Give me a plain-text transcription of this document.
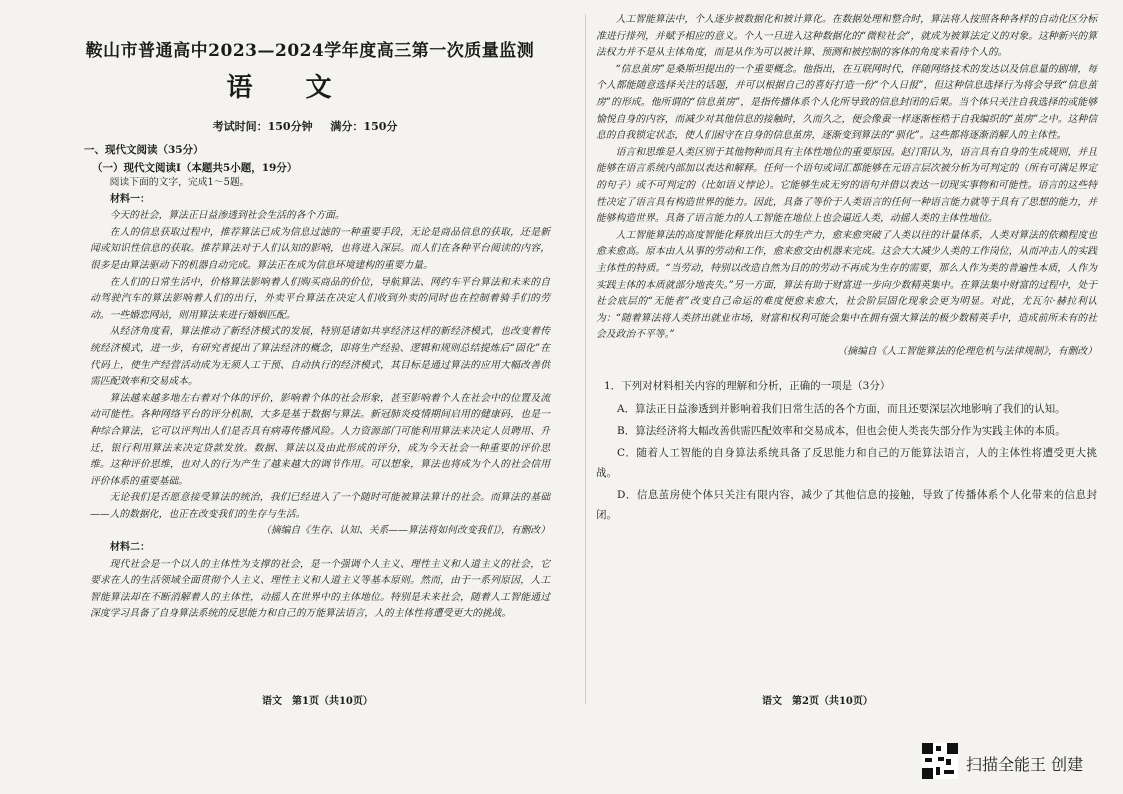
鞍山市普通高中2023—2024学年度高三第一次质量监测
语 文
考试时间：150分钟 满分：150分
一、现代文阅读（35分）
（一）现代文阅读I（本题共5小题，19分）

阅读下面的文字，完成1～5题。

材料一：

今天的社会，算法正日益渗透到社会生活的各个方面。

在人的信息获取过程中，推荐算法已成为信息过滤的一种重要手段，无论是商品信息的获取，还是新闻或知识性信息的获取。推荐算法对于人们认知的影响，也将进入深层。而人们在各种平台阅读的内容，很多是由算法驱动下的机器自动完成。算法正在成为信息环境建构的重要力量。

在人们的日常生活中，价格算法影响着人们购买商品的价位，导航算法、网约车平台算法和未来的自动驾驶汽车的算法影响着人们的出行，外卖平台算法在决定人们收到外卖的同时也在控制着骑手们的劳动。一些婚恋网站，则用算法来进行婚姻匹配。

从经济角度看，算法推动了新经济模式的发展，特别是诸如共享经济这样的新经济模式，也改变着传统经济模式，进一步，有研究者提出了算法经济的概念，即将生产经验、逻辑和规则总结提炼后“固化”在代码上，使生产经营活动成为无须人工干预、自动执行的经济模式，其目标是通过算法的应用大幅改善供需匹配效率和交易成本。

算法越来越多地左右着对个体的评价，影响着个体的社会形象，甚至影响着个人在社会中的位置及流动可能性。各种网络平台的评分机制，大多是基于数据与算法。新冠肺炎疫情期间启用的健康码，也是一种综合算法，它可以评判出人们是否具有病毒传播风险。人力资源部门可能利用算法来决定人员聘用、升迁，银行利用算法来决定贷款发放。数据、算法以及由此形成的评分，成为今天社会一种重要的评价思维。这种评价思维，也对人的行为产生了越来越大的调节作用。可以想象，算法也将成为个人的社会信用评价体系的重要基础。

无论我们是否愿意接受算法的统治，我们已经进入了一个随时可能被算法算计的社会。而算法的基础——人的数据化，也正在改变我们的生存与生活。

（摘编自《生存、认知、关系——算法将如何改变我们》，有删改）

材料二：

现代社会是一个以人的主体性为支撑的社会，是一个强调个人主义、理性主义和人道主义的社会，它要求在人的生活领域全面贯彻个人主义、理性主义和人道主义等基本原则。然而，由于一系列原因，人工智能算法却在不断消解着人的主体性，动摇人在世界中的主体地位。特别是未来社会，随着人工智能通过深度学习具备了自身算法系统的反思能力和自己的万能算法语言，人的主体性将遭受更大的挑战。

语文　第1页（共10页）

人工智能算法中，个人逐步被数据化和被计算化。在数据处理和整合时，算法将人按照各种各样的自动化区分标准进行排列，并赋予相应的意义。个人一旦进入这种数据化的“微粒社会”，就成为被算法定义的对象。这种新兴的算法权力并不是从主体角度，而是从作为可以被计算、预测和被控制的客体的角度来看待个人的。

“信息茧房”是桑斯坦提出的一个重要概念。他指出，在互联网时代，伴随网络技术的发达以及信息量的剧增，每个人都能随意选择关注的话题，并可以根据自己的喜好打造一份“个人日报”，但这种信息选择行为将会导致“信息茧房”的形成。他所谓的“信息茧房”，是指传播体系个人化所导致的信息封闭的后果。当个体只关注自我选择的或能够愉悦自身的内容，而减少对其他信息的接触时，久而久之，便会像蚕一样逐渐桎梏于自我编织的“茧房”之中。这种信息的自我锁定状态，使人们困守在自身的信息茧房，逐渐变到算法的“驯化”。这些都将逐渐消解人的主体性。

语言和思维是人类区别于其他物种而具有主体性地位的重要原因。赵汀阳认为，语言具有自身的生成规则，并且能够在语言系统内部加以表达和解释。任何一个语句或词汇都能够在元语言层次被分析为可判定的（所有可满足界定的句子）或不可判定的（比如语义悖论）。它能够生成无穷的语句并借以表达一切现实事物和可能性。语言的这些特性决定了语言具有构造世界的能力。因此，具备了等价于人类语言的任何一种语言能力就等于具有了思想的能力，并能够构造世界。具备了语言能力的人工智能在地位上也会逼近人类，动摇人类的主体性地位。

人工智能算法的高度智能化释放出巨大的生产力，愈来愈突破了人类以往的计量体系，人类对算法的依赖程度也愈来愈高。原本由人从事的劳动和工作，愈来愈交由机器来完成。这会大大减少人类的工作岗位，从而冲击人的实践主体性的特质。“当劳动，特别以改造自然为目的的劳动不再成为生存的需要，那么人作为类的普遍性本质，人作为实践主体的本质就部分地丧失。”另一方面，算法有助于财富进一步向少数精英集中。在算法集中财富的过程中，处于社会底层的“无能者”改变自己命运的难度便愈来愈大，社会阶层固化现象会更为明显。对此，尤瓦尔·赫拉利认为：“随着算法将人类挤出就业市场，财富和权利可能会集中在拥有强大算法的极少数精英手中，造成前所未有的社会及政治不平等。”

（摘编自《人工智能算法的伦理危机与法律规制》，有删改）

1．下列对材料相关内容的理解和分析，正确的一项是（3分）

A．算法正日益渗透到并影响着我们日常生活的各个方面，而且还要深层次地影响了我们的认知。

B．算法经济将大幅改善供需匹配效率和交易成本，但也会使人类丧失部分作为实践主体的本质。

C．随着人工智能的自身算法系统具备了反思能力和自己的万能算法语言，人的主体性将遭受更大挑战。

D．信息茧房使个体只关注有限内容，减少了其他信息的接触，导致了传播体系个人化带来的信息封闭。

语文　第2页（共10页）
扫描全能王 创建
